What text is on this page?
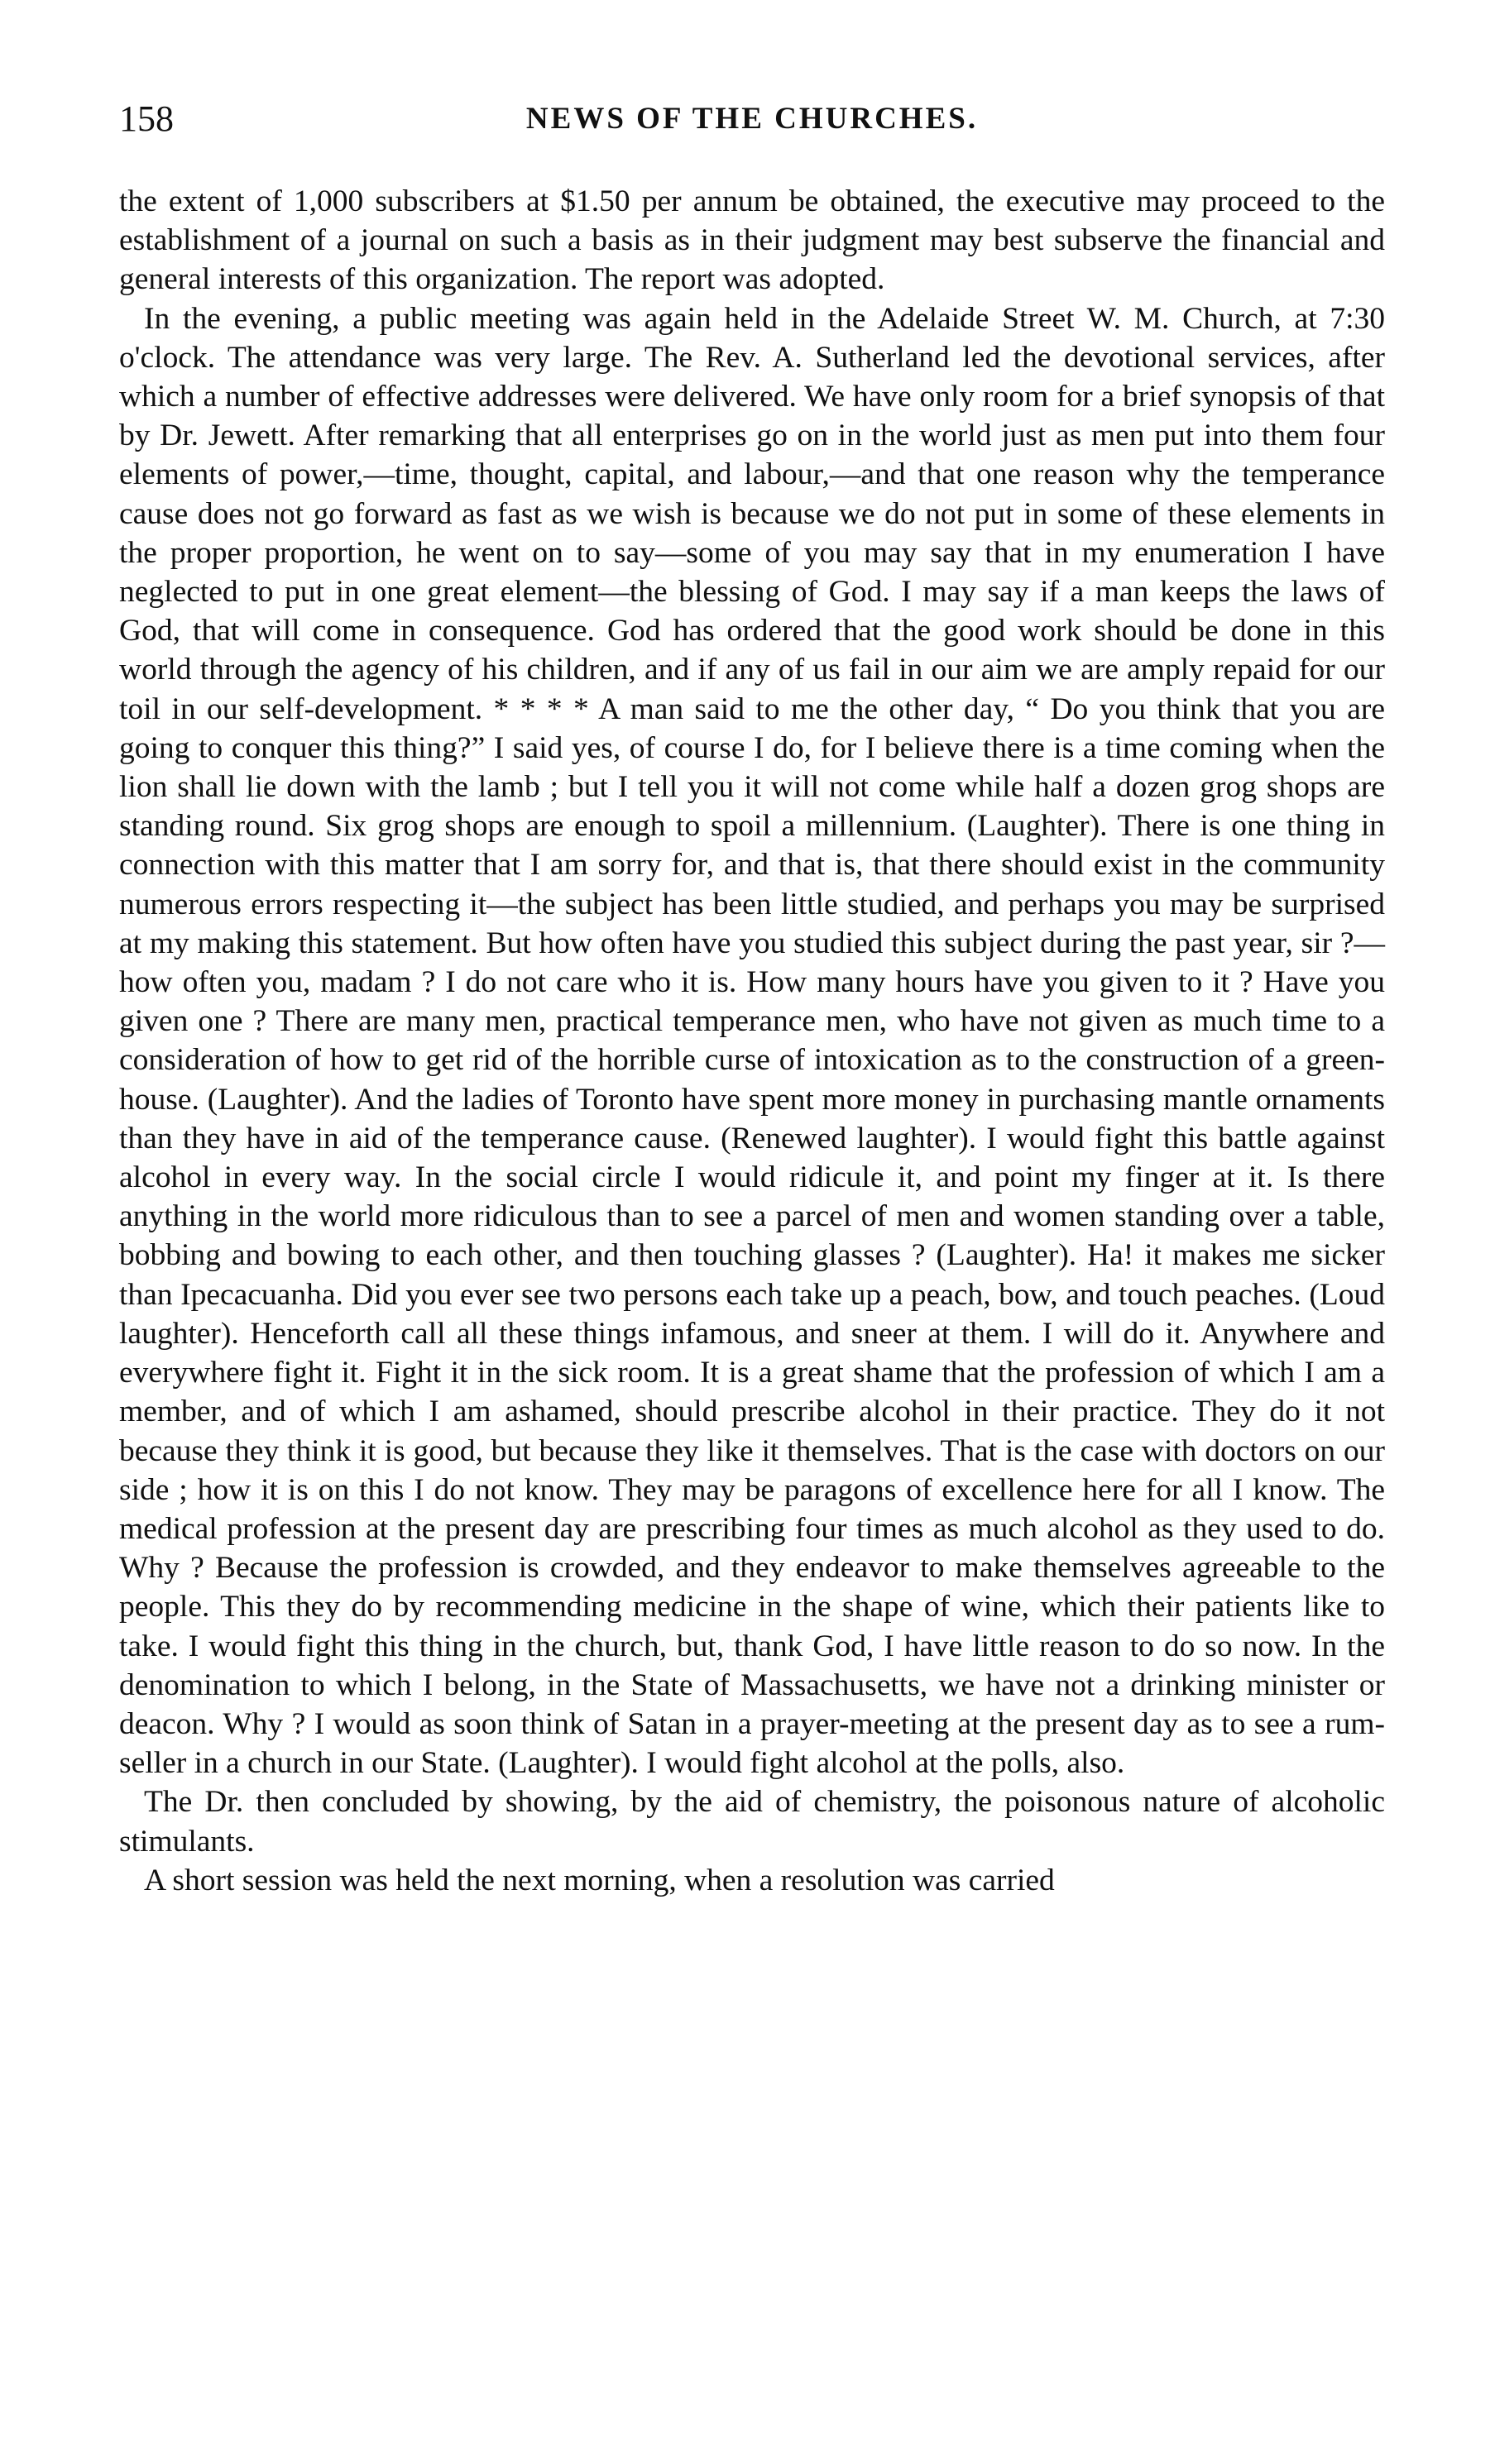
158	NEWS OF THE CHURCHES.

the extent of 1,000 subscribers at $1.50 per annum be obtained, the executive may proceed to the establishment of a journal on such a basis as in their judgment may best subserve the financial and general interests of this organization. The report was adopted.

In the evening, a public meeting was again held in the Adelaide Street W. M. Church, at 7:30 o'clock. The attendance was very large. The Rev. A. Sutherland led the devotional services, after which a number of effective addresses were delivered. We have only room for a brief synopsis of that by Dr. Jewett. After remarking that all enterprises go on in the world just as men put into them four elements of power,—time, thought, capital, and labour,—and that one reason why the temperance cause does not go forward as fast as we wish is because we do not put in some of these elements in the proper proportion, he went on to say—some of you may say that in my enumeration I have neglected to put in one great element—the blessing of God. I may say if a man keeps the laws of God, that will come in consequence. God has ordered that the good work should be done in this world through the agency of his children, and if any of us fail in our aim we are amply repaid for our toil in our self-development. * * * * A man said to me the other day, “ Do you think that you are going to conquer this thing?” I said yes, of course I do, for I believe there is a time coming when the lion shall lie down with the lamb ; but I tell you it will not come while half a dozen grog shops are standing round. Six grog shops are enough to spoil a millennium. (Laughter). There is one thing in connection with this matter that I am sorry for, and that is, that there should exist in the community numerous errors respecting it—the subject has been little studied, and perhaps you may be surprised at my making this statement. But how often have you studied this subject during the past year, sir ?—how often you, madam ? I do not care who it is. How many hours have you given to it ? Have you given one ? There are many men, practical temperance men, who have not given as much time to a consideration of how to get rid of the horrible curse of intoxication as to the construction of a green-house. (Laughter). And the ladies of Toronto have spent more money in purchasing mantle ornaments than they have in aid of the temperance cause. (Renewed laughter). I would fight this battle against alcohol in every way. In the social circle I would ridicule it, and point my finger at it. Is there anything in the world more ridiculous than to see a parcel of men and women standing over a table, bobbing and bowing to each other, and then touching glasses ? (Laughter). Ha! it makes me sicker than Ipecacuanha. Did you ever see two persons each take up a peach, bow, and touch peaches. (Loud laughter). Henceforth call all these things infamous, and sneer at them. I will do it. Anywhere and everywhere fight it. Fight it in the sick room. It is a great shame that the profession of which I am a member, and of which I am ashamed, should prescribe alcohol in their practice. They do it not because they think it is good, but because they like it themselves. That is the case with doctors on our side ; how it is on this I do not know. They may be paragons of excellence here for all I know. The medical profession at the present day are prescribing four times as much alcohol as they used to do. Why ? Because the profession is crowded, and they endeavor to make themselves agreeable to the people. This they do by recommending medicine in the shape of wine, which their patients like to take. I would fight this thing in the church, but, thank God, I have little reason to do so now. In the denomination to which I belong, in the State of Massachusetts, we have not a drinking minister or deacon. Why ? I would as soon think of Satan in a prayer-meeting at the present day as to see a rum-seller in a church in our State. (Laughter). I would fight alcohol at the polls, also.

The Dr. then concluded by showing, by the aid of chemistry, the poisonous nature of alcoholic stimulants.

A short session was held the next morning, when a resolution was carried
